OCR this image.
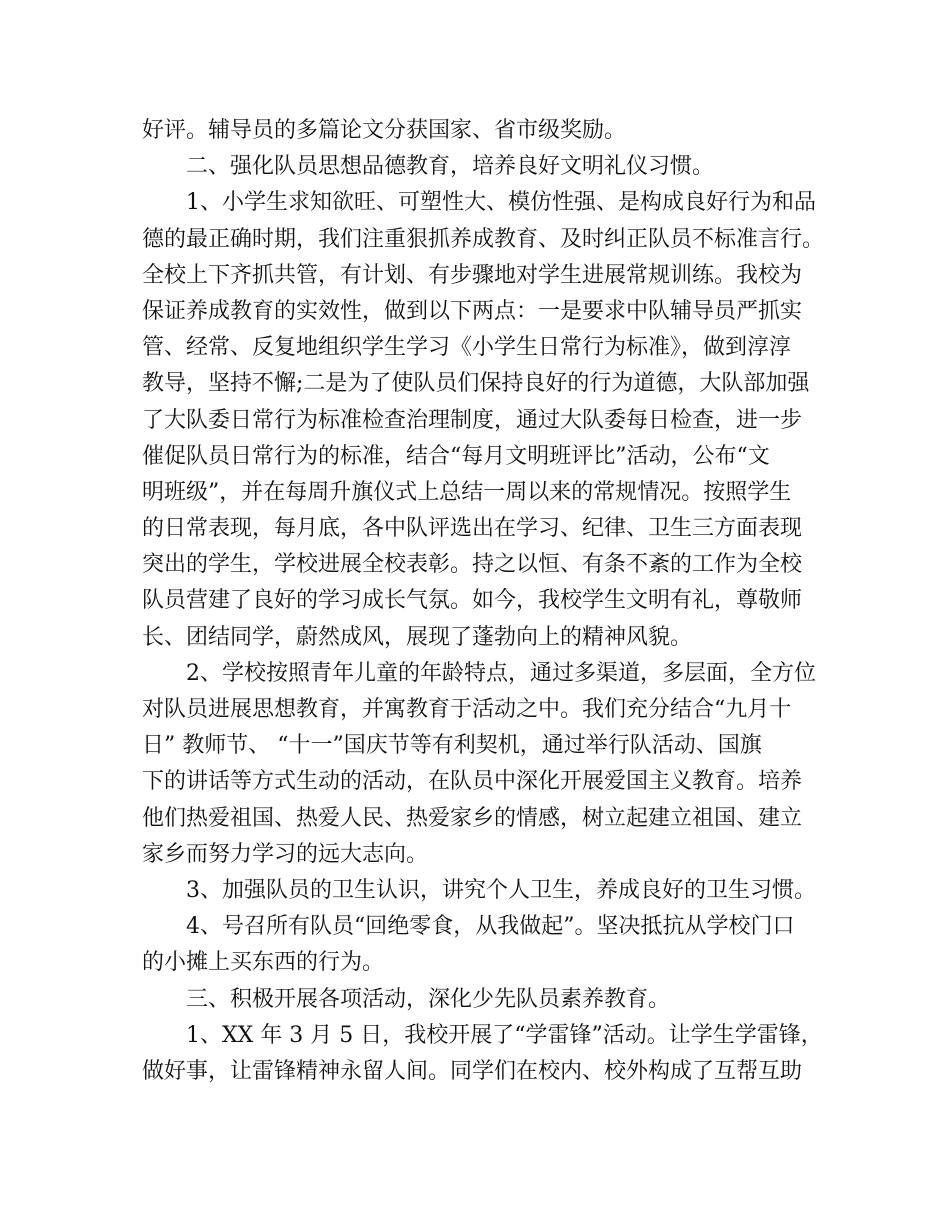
好评。辅导员的多篇论文分获国家、省市级奖励。
二、强化队员思想品德教育，培养良好文明礼仪习惯。
1、小学生求知欲旺、可塑性大、模仿性强、是构成良好行为和品
德的最正确时期，我们注重狠抓养成教育、及时纠正队员不标准言行。
全校上下齐抓共管，有计划、有步骤地对学生进展常规训练。我校为
保证养成教育的实效性，做到以下两点：一是要求中队辅导员严抓实
管、经常、反复地组织学生学习《小学生日常行为标准》，做到淳淳
教导，坚持不懈;二是为了使队员们保持良好的行为道德，大队部加强
了大队委日常行为标准检查治理制度，通过大队委每日检查，进一步
催促队员日常行为的标准，结合“每月文明班评比”活动，公布“文
明班级”，并在每周升旗仪式上总结一周以来的常规情况。按照学生
的日常表现，每月底，各中队评选出在学习、纪律、卫生三方面表现
突出的学生，学校进展全校表彰。持之以恒、有条不紊的工作为全校
队员营建了良好的学习成长气氛。如今，我校学生文明有礼，尊敬师
长、团结同学，蔚然成风，展现了蓬勃向上的精神风貌。
2、学校按照青年儿童的年龄特点，通过多渠道，多层面，全方位
对队员进展思想教育，并寓教育于活动之中。我们充分结合“九月十
日” 教师节、 “十一”国庆节等有利契机，通过举行队活动、国旗
下的讲话等方式生动的活动，在队员中深化开展爱国主义教育。培养
他们热爱祖国、热爱人民、热爱家乡的情感，树立起建立祖国、建立
家乡而努力学习的远大志向。
3、加强队员的卫生认识，讲究个人卫生，养成良好的卫生习惯。
4、号召所有队员“回绝零食，从我做起”。坚决抵抗从学校门口
的小摊上买东西的行为。
三、积极开展各项活动，深化少先队员素养教育。
1、XX 年 3 月 5 日，我校开展了“学雷锋”活动。让学生学雷锋，
做好事，让雷锋精神永留人间。同学们在校内、校外构成了互帮互助
